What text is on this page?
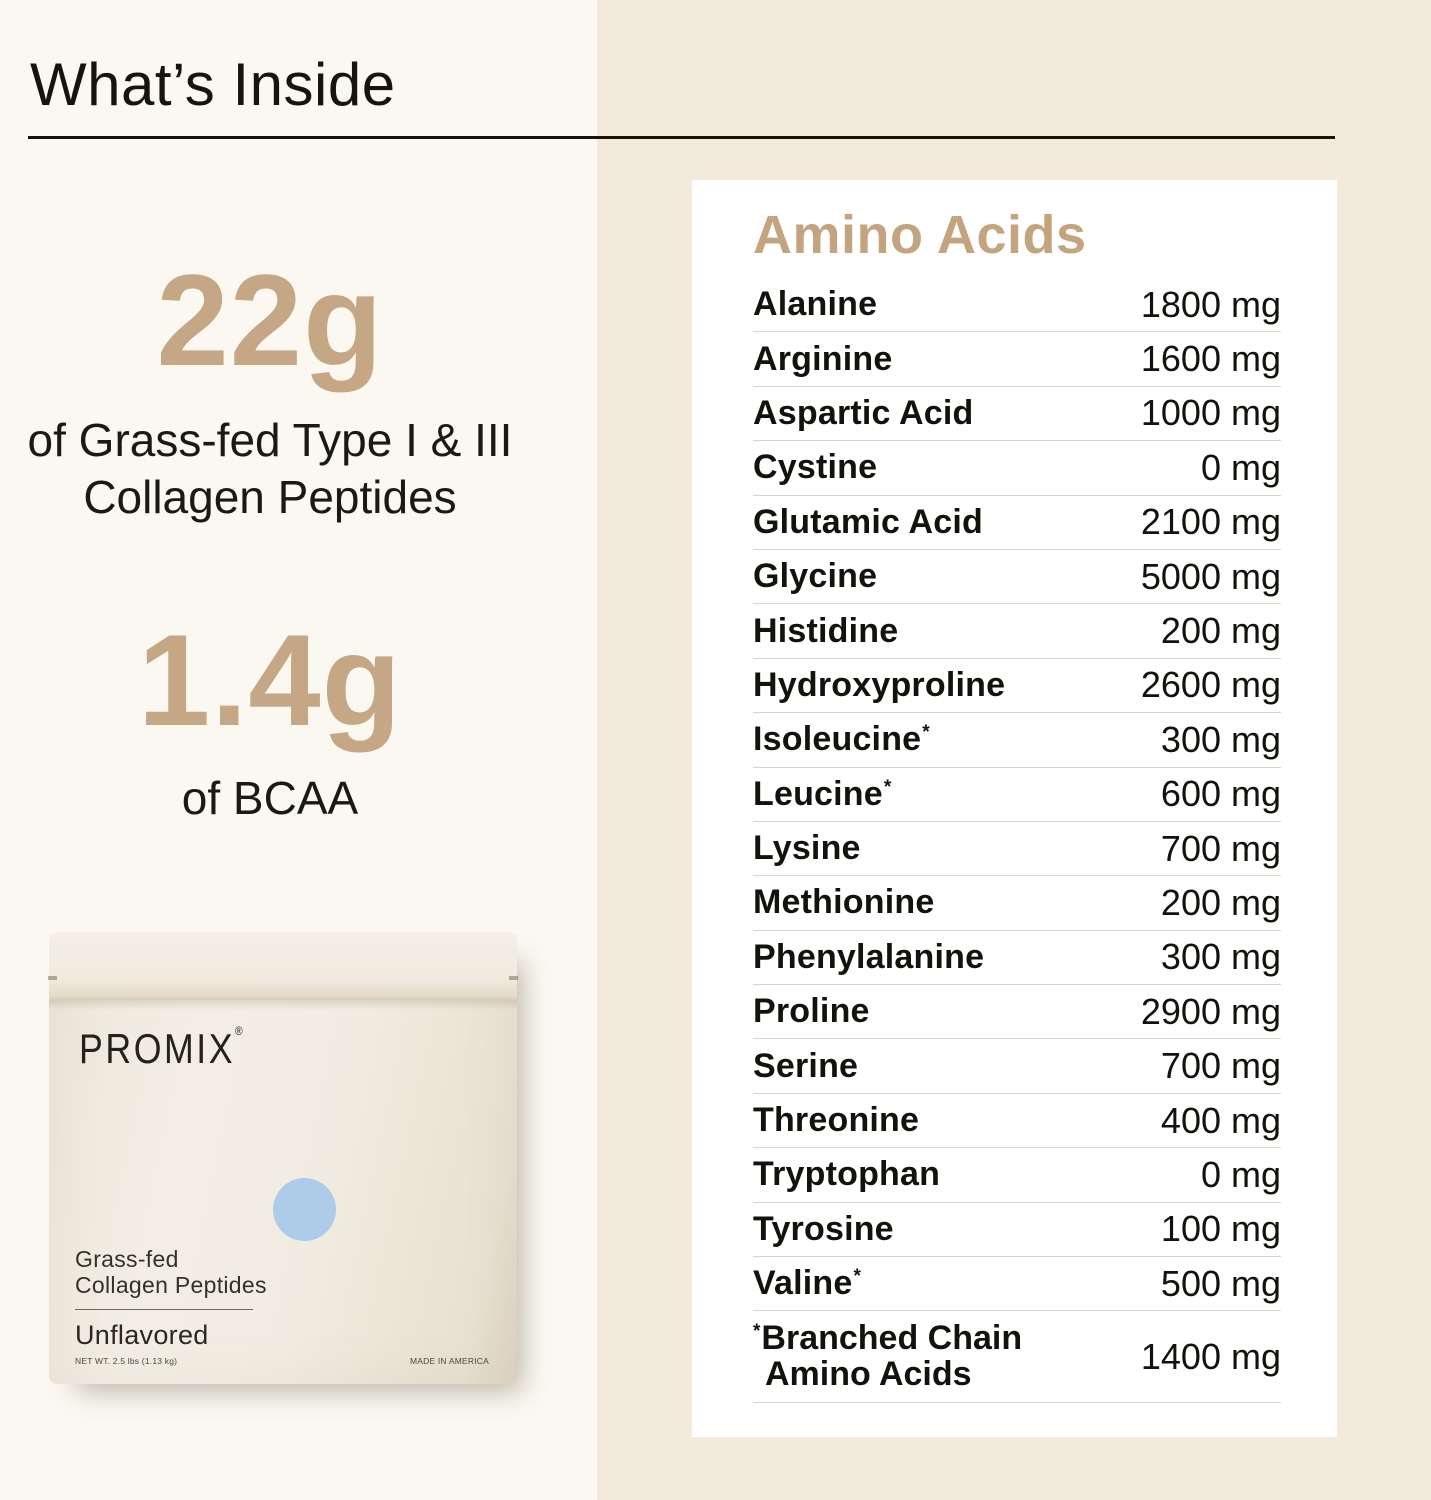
What’s Inside
22g
of Grass-fed Type I & III
Collagen Peptides
1.4g
of BCAA
PROMIX®
Grass-fed
Collagen Peptides
Unflavored
NET WT. 2.5 lbs (1.13 kg)	MADE IN AMERICA
Amino Acids
Alanine	1800 mg
Arginine	1600 mg
Aspartic Acid	1000 mg
Cystine	0 mg
Glutamic Acid	2100 mg
Glycine	5000 mg
Histidine	200 mg
Hydroxyproline	2600 mg
Isoleucine*	300 mg
Leucine*	600 mg
Lysine	700 mg
Methionine	200 mg
Phenylalanine	300 mg
Proline	2900 mg
Serine	700 mg
Threonine	400 mg
Tryptophan	0 mg
Tyrosine	100 mg
Valine*	500 mg
*Branched Chain
Amino Acids	1400 mg
